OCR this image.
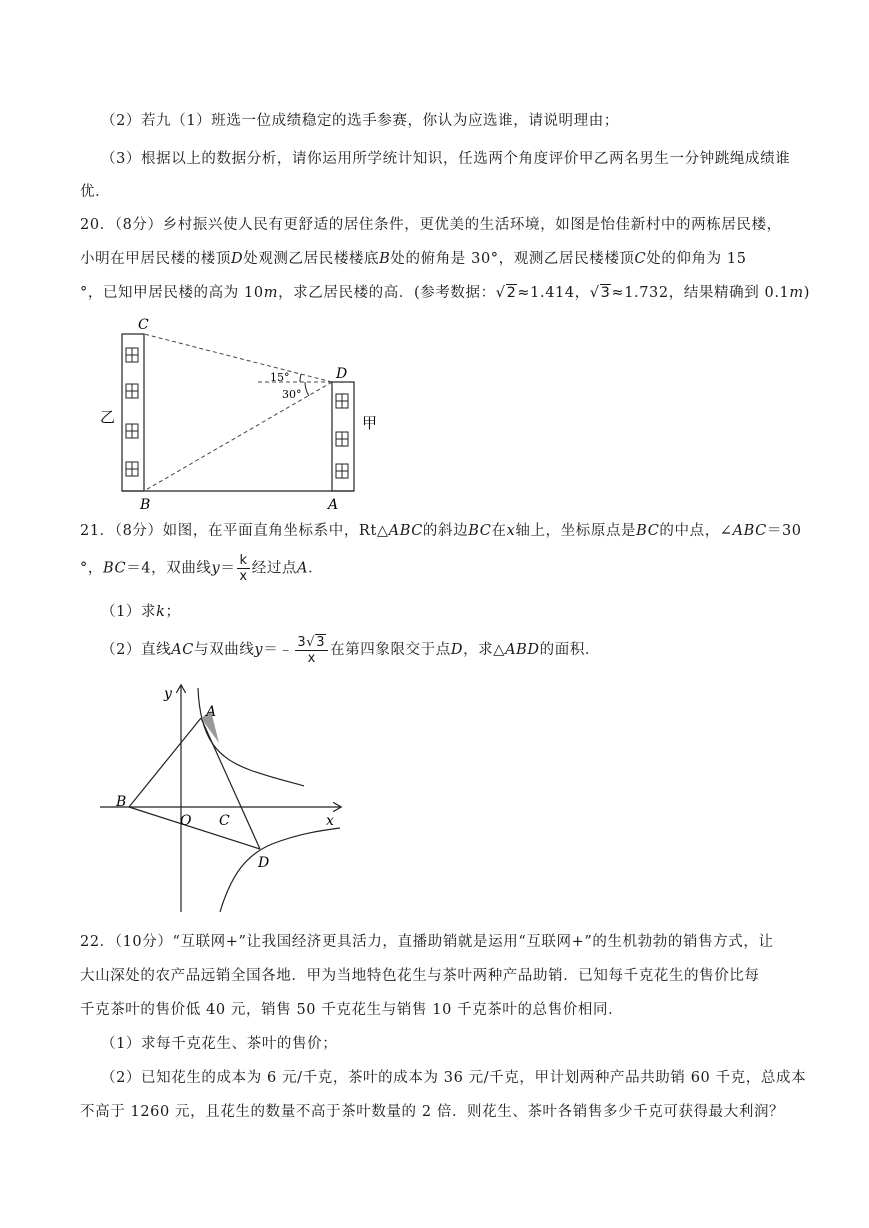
（2）若九（1）班选一位成绩稳定的选手参赛，你认为应选谁，请说明理由；
（3）根据以上的数据分析，请你运用所学统计知识，任选两个角度评价甲乙两名男生一分钟跳绳成绩谁
优．
20．（8分）乡村振兴使人民有更舒适的居住条件，更优美的生活环境，如图是怡佳新村中的两栋居民楼，
小明在甲居民楼的楼顶D处观测乙居民楼楼底B处的俯角是 30°，观测乙居民楼楼顶C处的仰角为 15
°，已知甲居民楼的高为 10m，求乙居民楼的高．(参考数据：√2≈1.414，√3≈1.732，结果精确到 0.1m)
C
D
B	A
15°
30°
乙	甲
21．（8分）如图，在平面直角坐标系中，Rt△ABC的斜边BC在x轴上，坐标原点是BC的中点，∠ABC＝30
°，BC＝4，双曲线$y= \frac{k}{x}$ 经过点A．
（1）求k；
（2）直线AC与双曲线y＝﹣ $\frac{3√3}{x}$ 在第四象限交于点D，求△ABD的面积．
y
x
A
B
O C
D
22．（10分）“互联网+”让我国经济更具活力，直播助销就是运用“互联网+”的生机勃勃的销售方式，让
大山深处的农产品远销全国各地．甲为当地特色花生与茶叶两种产品助销．已知每千克花生的售价比每
千克茶叶的售价低 40 元，销售 50 千克花生与销售 10 千克茶叶的总售价相同．
（1）求每千克花生、茶叶的售价；
（2）已知花生的成本为 6 元/千克，茶叶的成本为 36 元/千克，甲计划两种产品共助销 60 千克，总成本
不高于 1260 元，且花生的数量不高于茶叶数量的 2 倍．则花生、茶叶各销售多少千克可获得最大利润？
